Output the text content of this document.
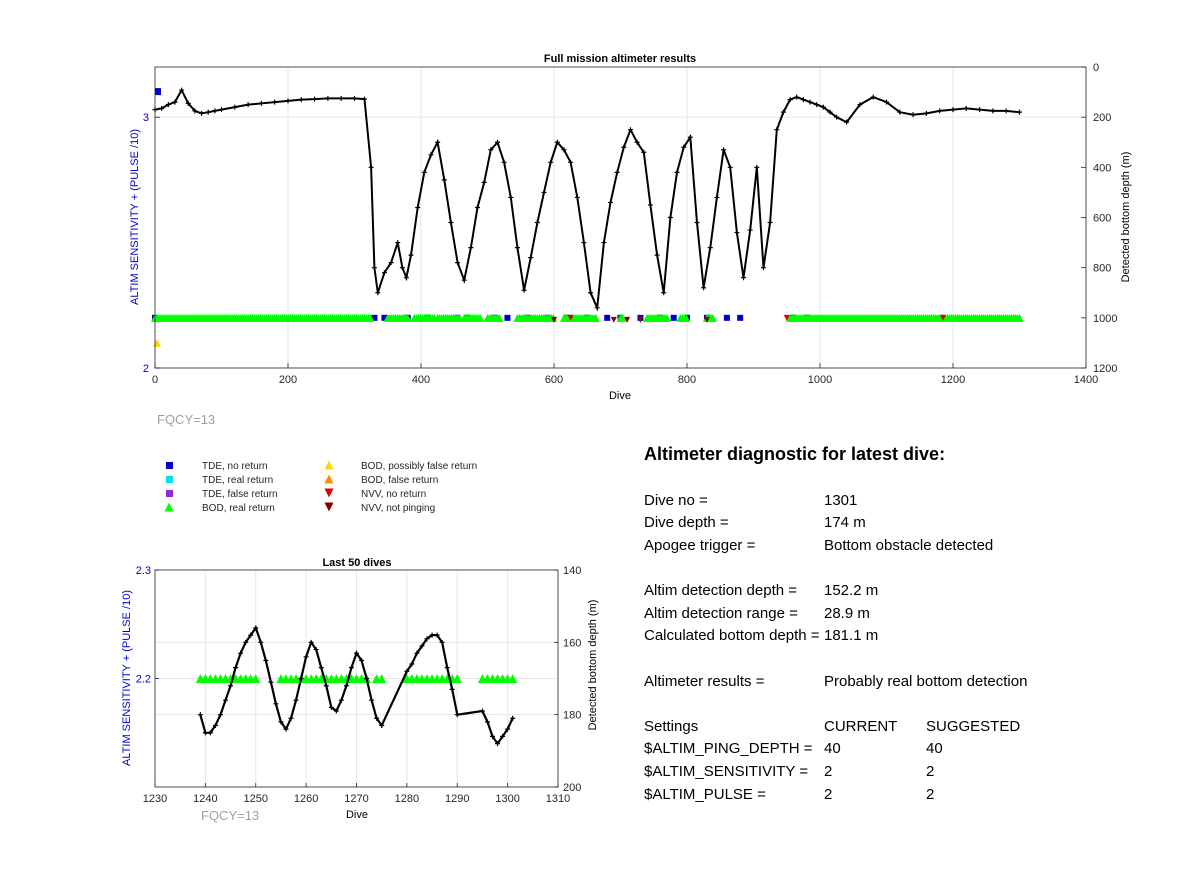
0	200	400	600	800	1000	1200	1400
2
3
0
200
400
600
800
1000
1200
Full mission altimeter results
Dive
ALTIM SENSITIVITY + (PULSE /10)	Detected bottom depth (m)
FQCY=13
TDE, no return
TDE, real return
TDE, false return
BOD, real return
BOD, possibly false return
BOD, false return
NVV, no return
NVV, not pinging
1230 1240 1250 1260 1270 1280 1290 1300 1310
2.3
2.2
140
160
180
200
Last 50 dives
Dive
ALTIM SENSITIVITY + (PULSE /10)	Detected bottom depth (m)
FQCY=13
Altimeter diagnostic for latest dive:
Dive no =	1301
Dive depth =	174 m
Apogee trigger =	Bottom obstacle detected
Altim detection depth =	152.2 m
Altim detection range =	28.9 m
Calculated bottom depth = 181.1 m
Altimeter results =	Probably real bottom detection
Settings	CURRENT	SUGGESTED
$ALTIM_PING_DEPTH = 40	40
$ALTIM_SENSITIVITY =	2	2
$ALTIM_PULSE =	2	2
